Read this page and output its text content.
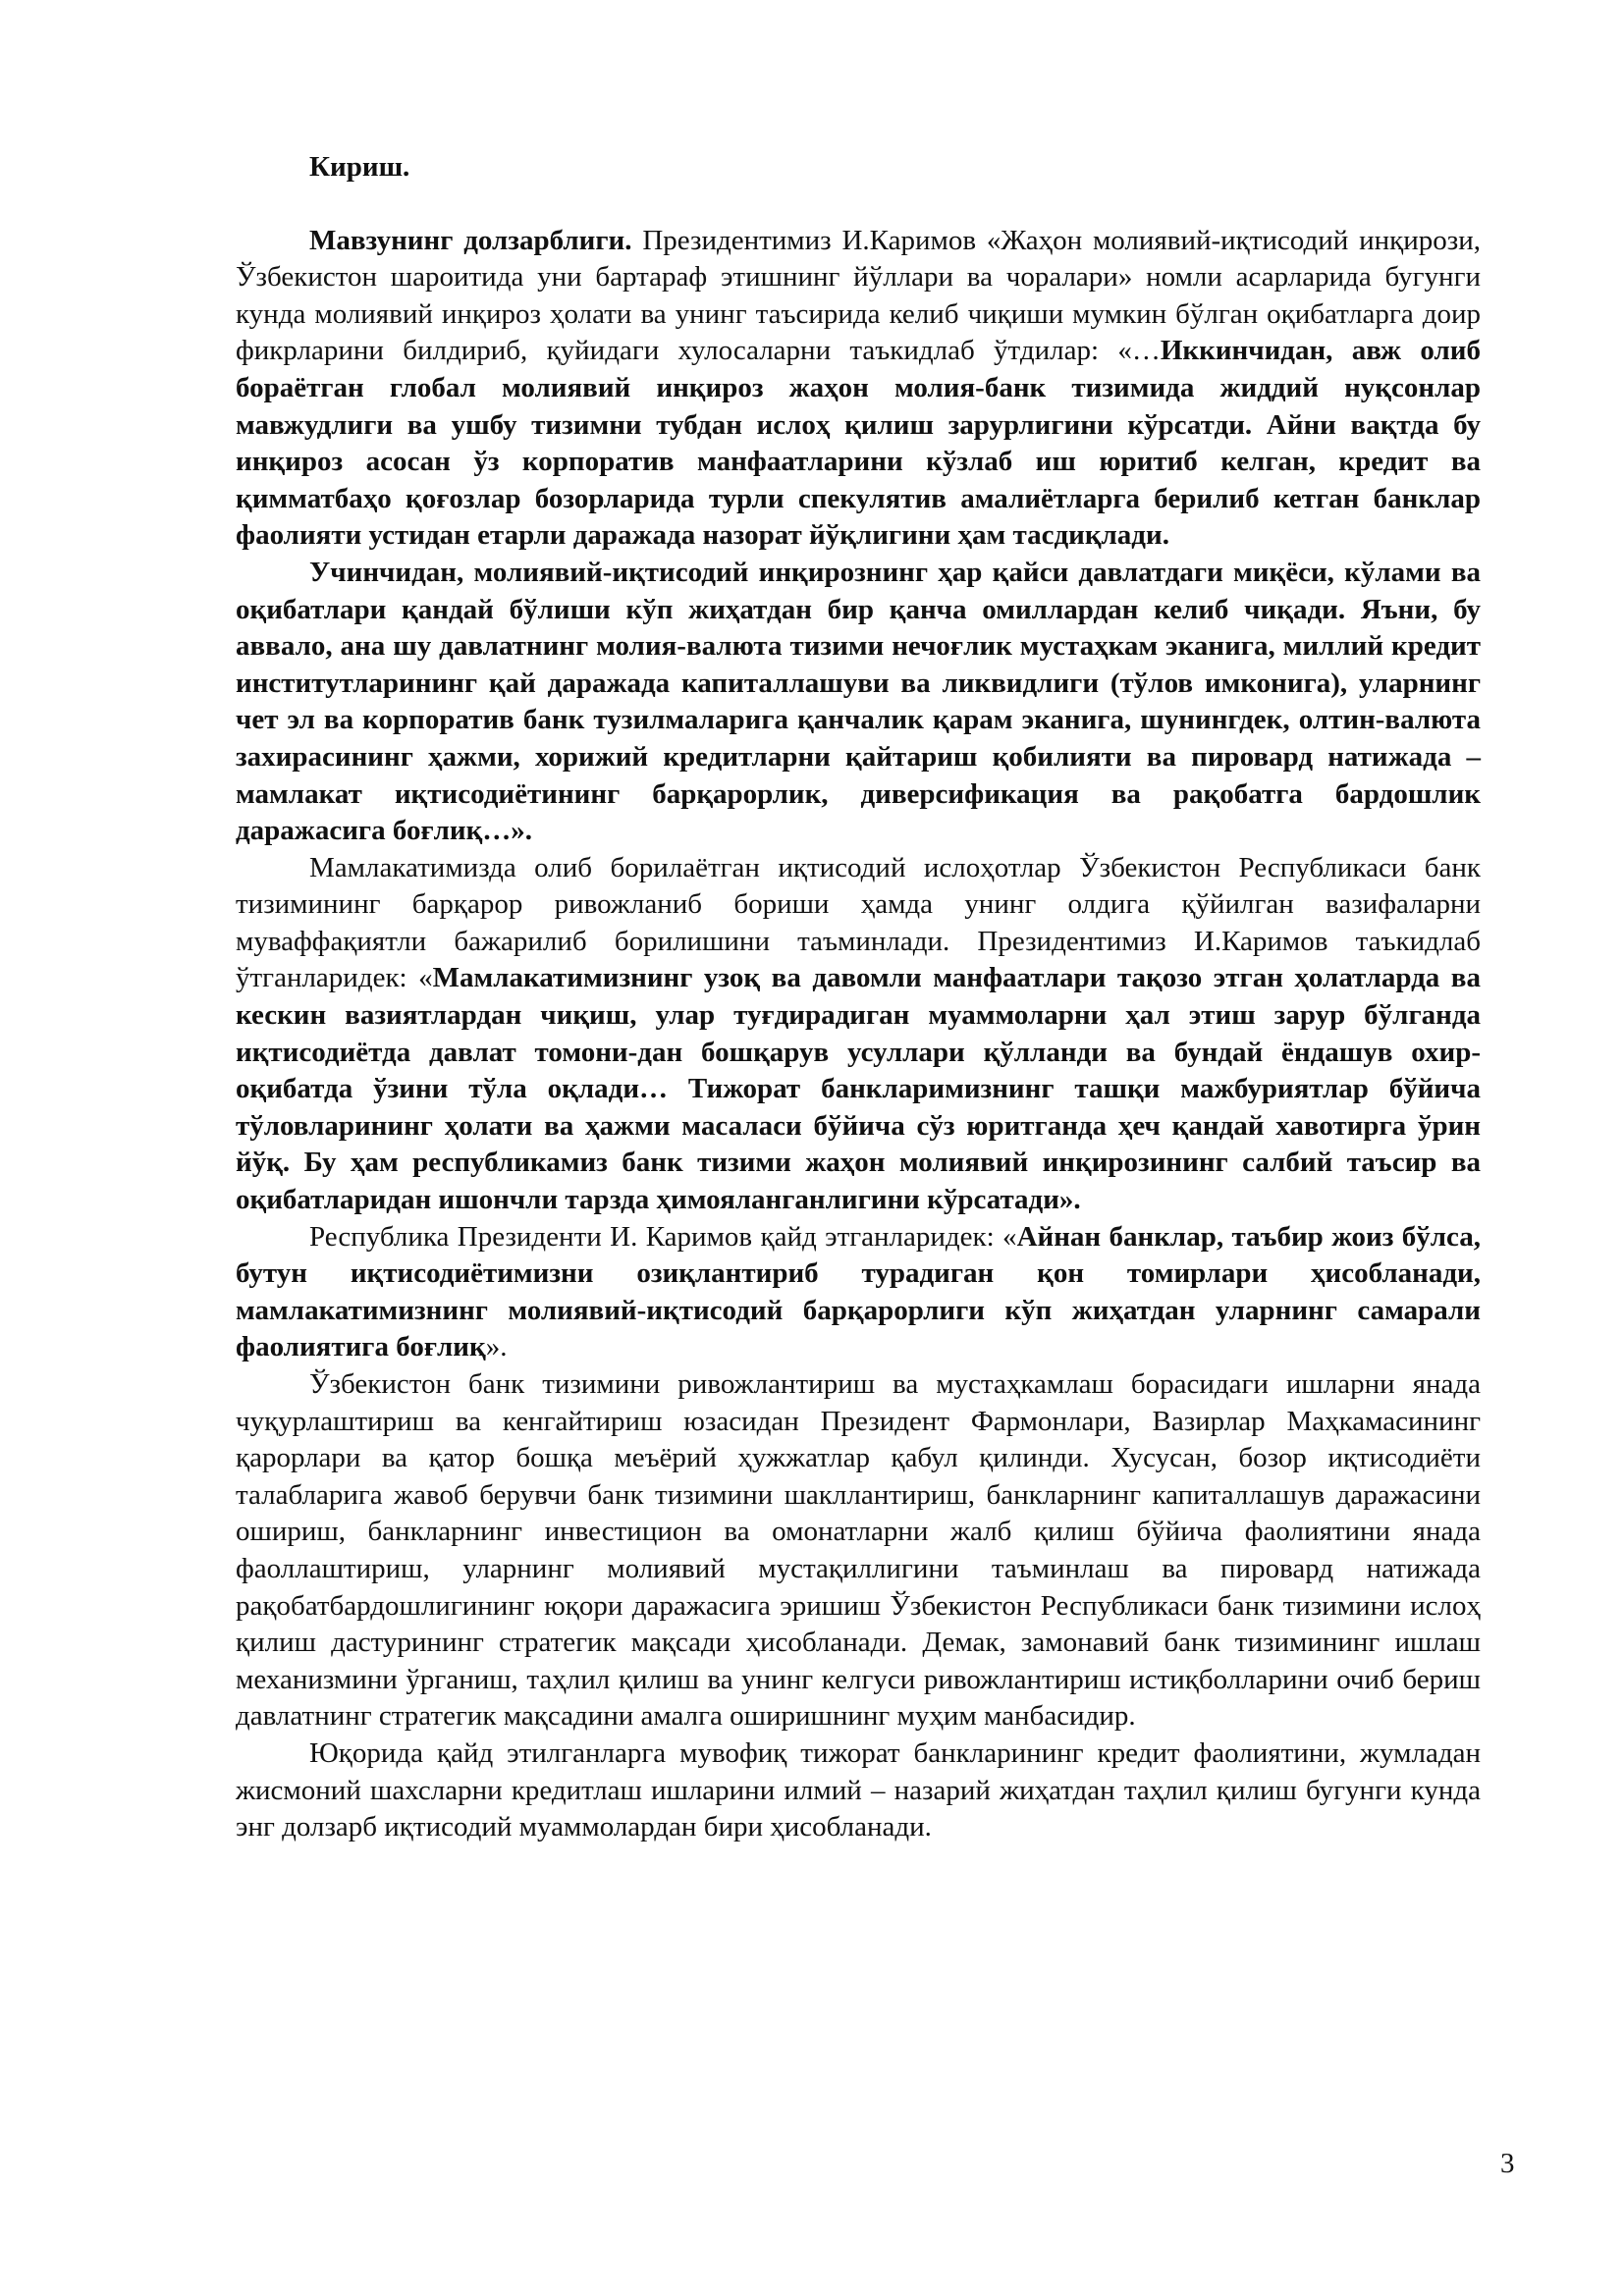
Кириш.

Мавзунинг долзарблиги. Президентимиз И.Каримов «Жаҳон молиявий-иқтисодий инқирози, Ўзбекистон шароитида уни бартараф этишнинг йўллари ва чоралари» номли асарларида бугунги кунда молиявий инқироз ҳолати ва унинг таъсирида келиб чиқиши мумкин бўлган оқибатларга доир фикрларини билдириб, қуйидаги хулосаларни таъкидлаб ўтдилар: «…Иккинчидан, авж олиб бораётган глобал молиявий инқироз жаҳон молия-банк тизимида жиддий нуқсонлар мавжудлиги ва ушбу тизимни тубдан ислоҳ қилиш зарурлигини кўрсатди. Айни вақтда бу инқироз асосан ўз корпоратив манфаатларини кўзлаб иш юритиб келган, кредит ва қимматбаҳо қоғозлар бозорларида турли спекулятив амалиётларга берилиб кетган банклар фаолияти устидан етарли даражада назорат йўқлигини ҳам тасдиқлади.

Учинчидан, молиявий-иқтисодий инқирознинг ҳар қайси давлатдаги миқёси, кўлами ва оқибатлари қандай бўлиши кўп жиҳатдан бир қанча омиллардан келиб чиқади. Яъни, бу аввало, ана шу давлатнинг молия-валюта тизими нечоғлик мустаҳкам эканига, миллий кредит институтларининг қай даражада капиталлашуви ва ликвидлиги (тўлов имконига), уларнинг чет эл ва корпоратив банк тузилмаларига қанчалик қарам эканига, шунингдек, олтин-валюта захирасининг ҳажми, хорижий кредитларни қайтариш қобилияти ва пировард натижада – мамлакат иқтисодиётининг барқарорлик, диверсификация ва рақобатга бардошлик даражасига боғлиқ…».

Мамлакатимизда олиб борилаётган иқтисодий ислоҳотлар Ўзбекистон Республикаси банк тизимининг барқарор ривожланиб бориши ҳамда унинг олдига қўйилган вазифаларни муваффақиятли бажарилиб борилишини таъминлади. Президентимиз И.Каримов таъкидлаб ўтганларидек: «Мамлакатимизнинг узоқ ва давомли манфаатлари тақозо этган ҳолатларда ва кескин вазиятлардан чиқиш, улар туғдирадиган муаммоларни ҳал этиш зарур бўлганда иқтисодиётда давлат томони-дан бошқарув усуллари қўлланди ва бундай ёндашув охир-оқибатда ўзини тўла оқлади… Тижорат банкларимизнинг ташқи мажбуриятлар бўйича тўловларининг ҳолати ва ҳажми масаласи бўйича сўз юритганда ҳеч қандай хавотирга ўрин йўқ. Бу ҳам республикамиз банк тизими жаҳон молиявий инқирозининг салбий таъсир ва оқибатларидан ишончли тарзда ҳимояланганлигини кўрсатади».

Республика Президенти И. Каримов қайд этганларидек: «Айнан банклар, таъбир жоиз бўлса, бутун иқтисодиётимизни озиқлантириб турадиган қон томирлари ҳисобланади, мамлакатимизнинг молиявий-иқтисодий барқарорлиги кўп жиҳатдан уларнинг самарали фаолиятига боғлиқ».

Ўзбекистон банк тизимини ривожлантириш ва мустаҳкамлаш борасидаги ишларни янада чуқурлаштириш ва кенгайтириш юзасидан Президент Фармонлари, Вазирлар Маҳкамасининг қарорлари ва қатор бошқа меъёрий ҳужжатлар қабул қилинди. Хусусан, бозор иқтисодиёти талабларига жавоб берувчи банк тизимини шакллантириш, банкларнинг капиталлашув даражасини ошириш, банкларнинг инвестицион ва омонатларни жалб қилиш бўйича фаолиятини янада фаоллаштириш, уларнинг молиявий мустақиллигини таъминлаш ва пировард натижада рақобатбардошлигининг юқори даражасига эришиш Ўзбекистон Республикаси банк тизимини ислоҳ қилиш дастурининг стратегик мақсади ҳисобланади. Демак, замонавий банк тизимининг ишлаш механизмини ўрганиш, таҳлил қилиш ва унинг келгуси ривожлантириш истиқболларини очиб бериш давлатнинг стратегик мақсадини амалга оширишнинг муҳим манбасидир.

Юқорида қайд этилганларга мувофиқ тижорат банкларининг кредит фаолиятини, жумладан жисмоний шахсларни кредитлаш ишларини илмий – назарий жиҳатдан таҳлил қилиш бугунги кунда энг долзарб иқтисодий муаммолардан бири ҳисобланади.

3
